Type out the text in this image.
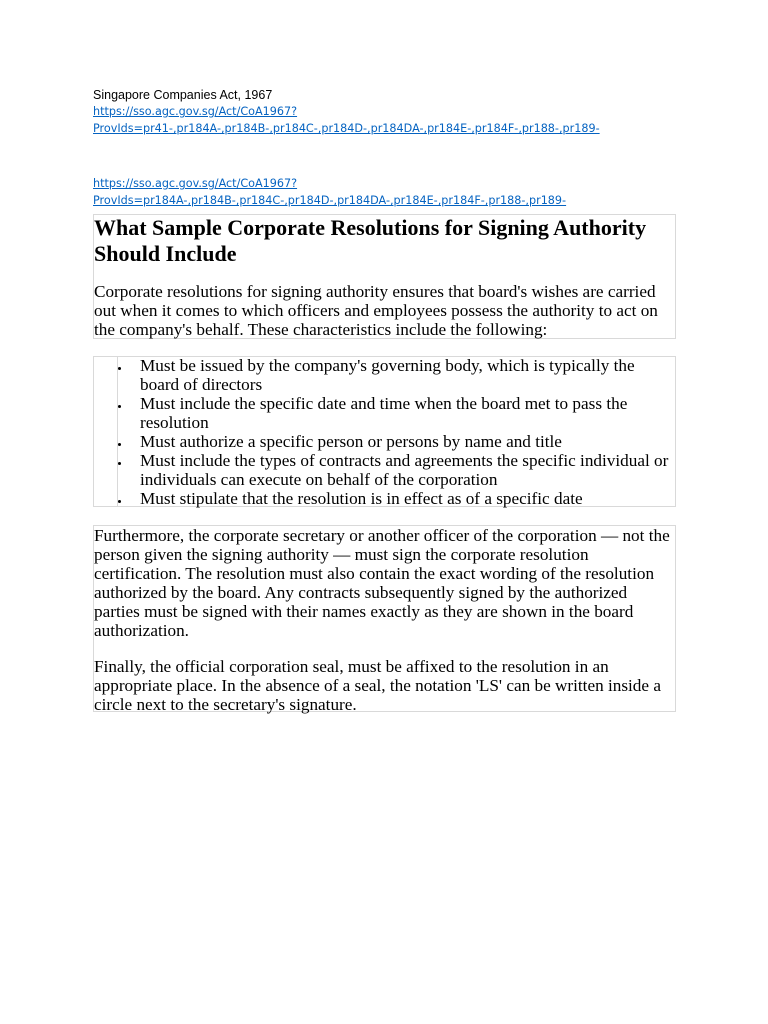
Singapore Companies Act, 1967

https://sso.agc.gov.sg/Act/CoA1967?
ProvIds=pr41-,pr184A-,pr184B-,pr184C-,pr184D-,pr184DA-,pr184E-,pr184F-,pr188-,pr189-
https://sso.agc.gov.sg/Act/CoA1967?
ProvIds=pr184A-,pr184B-,pr184C-,pr184D-,pr184DA-,pr184E-,pr184F-,pr188-,pr189-
What Sample Corporate Resolutions for Signing Authority Should Include

Corporate resolutions for signing authority ensures that board's wishes are carried out when it comes to which officers and employees possess the authority to act on the company's behalf. These characteristics include the following:

Must be issued by the company's governing body, which is typically the board of directors
Must include the specific date and time when the board met to pass the resolution
Must authorize a specific person or persons by name and title
Must include the types of contracts and agreements the specific individual or individuals can execute on behalf of the corporation
Must stipulate that the resolution is in effect as of a specific date

Furthermore, the corporate secretary or another officer of the corporation — not the person given the signing authority — must sign the corporate resolution certification. The resolution must also contain the exact wording of the resolution authorized by the board. Any contracts subsequently signed by the authorized parties must be signed with their names exactly as they are shown in the board authorization.

Finally, the official corporation seal, must be affixed to the resolution in an appropriate place. In the absence of a seal, the notation 'LS' can be written inside a circle next to the secretary's signature.
